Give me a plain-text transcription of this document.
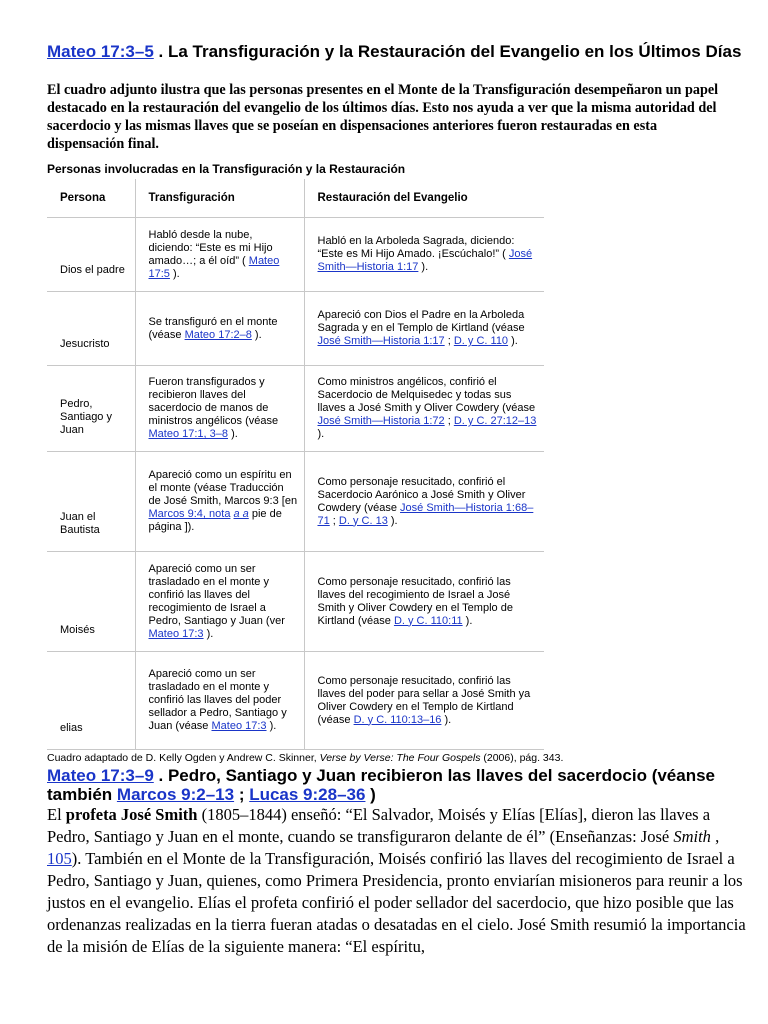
Mateo 17:3–5 . La Transfiguración y la Restauración del Evangelio en los Últimos Días
El cuadro adjunto ilustra que las personas presentes en el Monte de la Transfiguración desempeñaron un papel destacado en la restauración del evangelio de los últimos días. Esto nos ayuda a ver que la misma autoridad del sacerdocio y las mismas llaves que se poseían en dispensaciones anteriores fueron restauradas en esta dispensación final.
Personas involucradas en la Transfiguración y la Restauración
Persona	Transfiguración	Restauración del Evangelio
Dios el padre	Habló desde la nube, diciendo: “Este es mi Hijo amado…; a él oíd” ( Mateo 17:5 ).	Habló en la Arboleda Sagrada, diciendo: “Este es Mi Hijo Amado. ¡Escúchalo!” ( José Smith—Historia 1:17 ).
Jesucristo	Se transfiguró en el monte (véase Mateo 17:2–8 ).	Apareció con Dios el Padre en la Arboleda Sagrada y en el Templo de Kirtland (véase José Smith—Historia 1:17 ; D. y C. 110 ).
Pedro, Santiago y Juan	Fueron transfigurados y recibieron llaves del sacerdocio de manos de ministros angélicos (véase Mateo 17:1, 3–8 ).	Como ministros angélicos, confirió el Sacerdocio de Melquisedec y todas sus llaves a José Smith y Oliver Cowdery (véase José Smith—Historia 1:72 ; D. y C. 27:12–13 ).
Juan el Bautista	Apareció como un espíritu en el monte (véase Traducción de José Smith, Marcos 9:3 [en Marcos 9:4, nota a a pie de página ]).	Como personaje resucitado, confirió el Sacerdocio Aarónico a José Smith y Oliver Cowdery (véase José Smith—Historia 1:68–71 ; D. y C. 13 ).
Moisés	Apareció como un ser trasladado en el monte y confirió las llaves del recogimiento de Israel a Pedro, Santiago y Juan (ver Mateo 17:3 ).	Como personaje resucitado, confirió las llaves del recogimiento de Israel a José Smith y Oliver Cowdery en el Templo de Kirtland (véase D. y C. 110:11 ).
elias	Apareció como un ser trasladado en el monte y confirió las llaves del poder sellador a Pedro, Santiago y Juan (véase Mateo 17:3 ).	Como personaje resucitado, confirió las llaves del poder para sellar a José Smith ya Oliver Cowdery en el Templo de Kirtland (véase D. y C. 110:13–16 ).
Cuadro adaptado de D. Kelly Ogden y Andrew C. Skinner, Verse by Verse: The Four Gospels (2006), pág. 343.
Mateo 17:3–9 . Pedro, Santiago y Juan recibieron las llaves del sacerdocio (véanse también Marcos 9:2–13 ; Lucas 9:28–36 )
El profeta José Smith (1805–1844) enseñó: “El Salvador, Moisés y Elías [Elías], dieron las llaves a Pedro, Santiago y Juan en el monte, cuando se transfiguraron delante de él” (Enseñanzas: José Smith , 105). También en el Monte de la Transfiguración, Moisés confirió las llaves del recogimiento de Israel a Pedro, Santiago y Juan, quienes, como Primera Presidencia, pronto enviarían misioneros para reunir a los justos en el evangelio. Elías el profeta confirió el poder sellador del sacerdocio, que hizo posible que las ordenanzas realizadas en la tierra fueran atadas o desatadas en el cielo. José Smith resumió la importancia de la misión de Elías de la siguiente manera: “El espíritu,
